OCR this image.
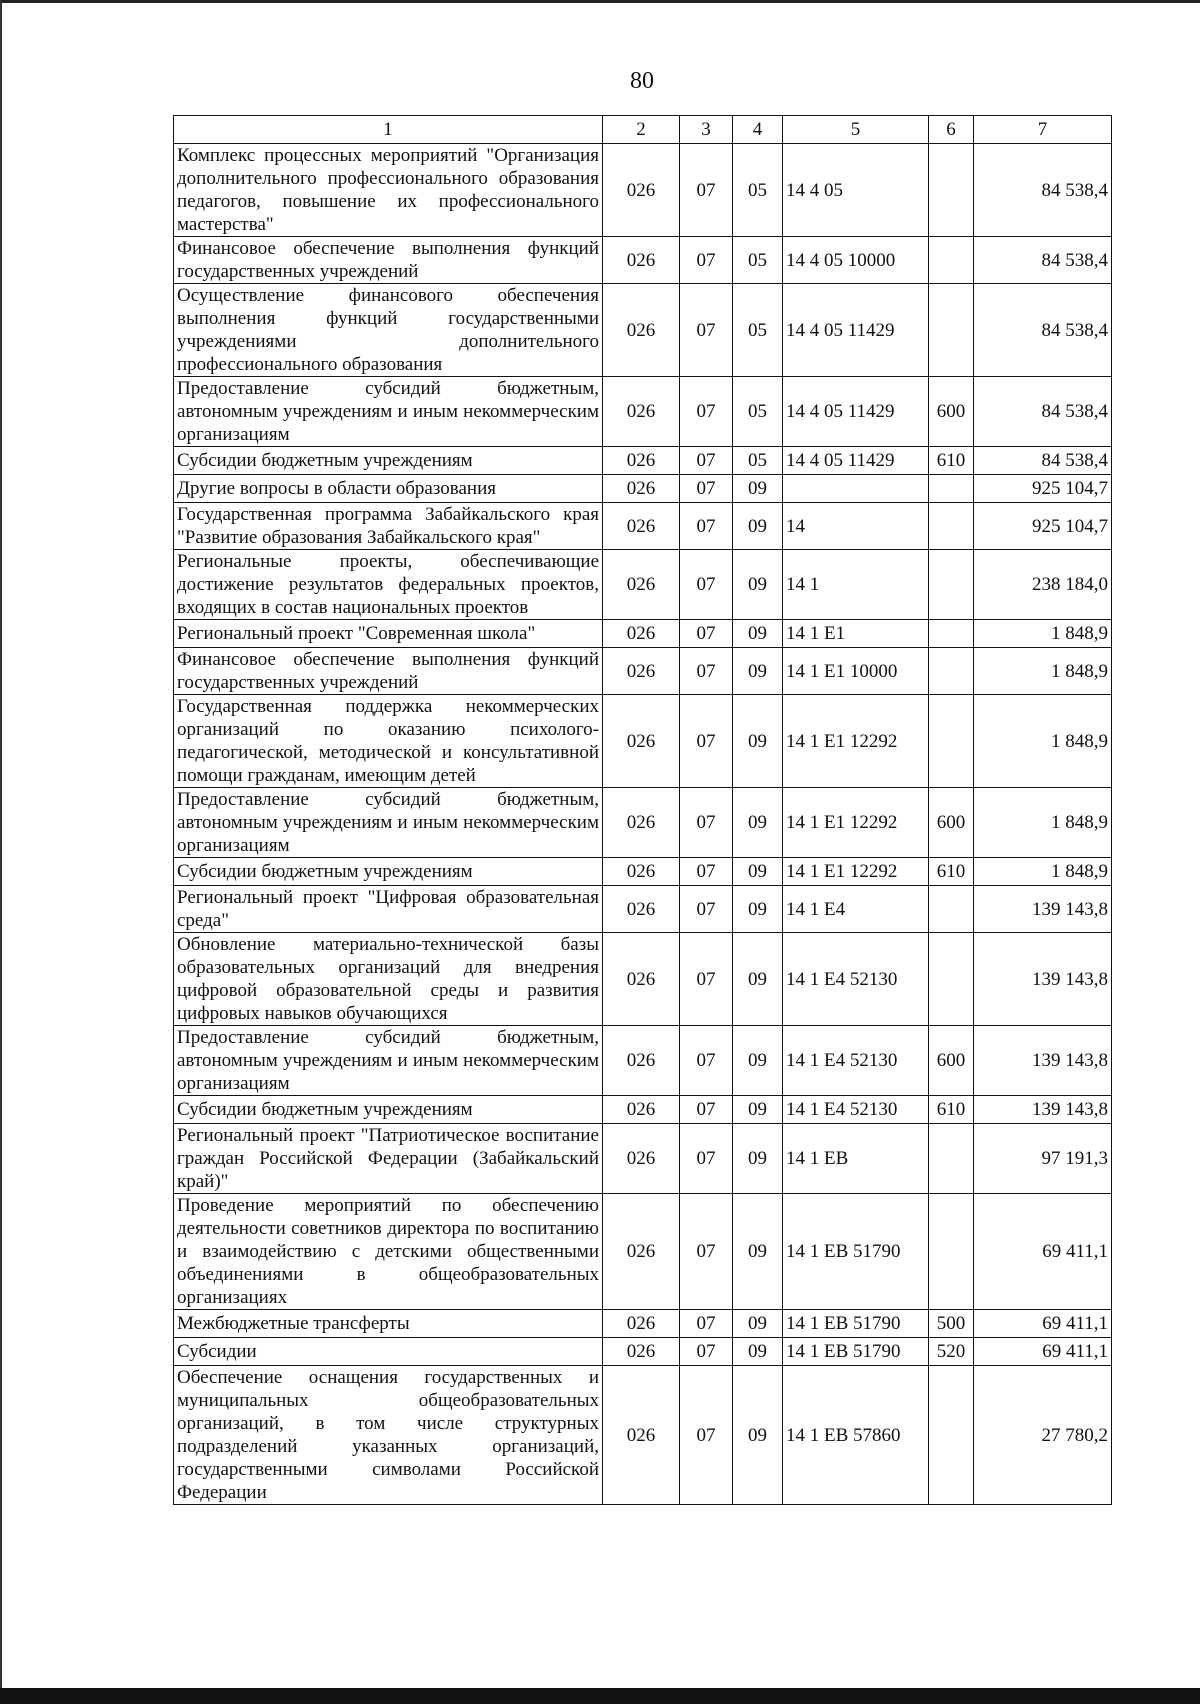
80
1	2	3	4	5	6	7
Комплекс процессных мероприятий "Организация дополнительного профессионального образования педагогов, повышение их профессионального мастерства"	026	07	05	14 4 05		84 538,4
Финансовое обеспечение выполнения функций государственных учреждений	026	07	05	14 4 05 10000		84 538,4
Осуществление финансового обеспечения выполнения функций государственными учреждениями дополнительного профессионального образования	026	07	05	14 4 05 11429		84 538,4
Предоставление субсидий бюджетным, автономным учреждениям и иным некоммерческим организациям	026	07	05	14 4 05 11429	600	84 538,4
Субсидии бюджетным учреждениям	026	07	05	14 4 05 11429	610	84 538,4
Другие вопросы в области образования	026	07	09			925 104,7
Государственная программа Забайкальского края "Развитие образования Забайкальского края"	026	07	09	14		925 104,7
Региональные проекты, обеспечивающие достижение результатов федеральных проектов, входящих в состав национальных проектов	026	07	09	14 1		238 184,0
Региональный проект "Современная школа"	026	07	09	14 1 E1		1 848,9
Финансовое обеспечение выполнения функций государственных учреждений	026	07	09	14 1 E1 10000		1 848,9
Государственная поддержка некоммерческих организаций по оказанию психолого-педагогической, методической и консультативной помощи гражданам, имеющим детей	026	07	09	14 1 E1 12292		1 848,9
Предоставление субсидий бюджетным, автономным учреждениям и иным некоммерческим организациям	026	07	09	14 1 E1 12292	600	1 848,9
Субсидии бюджетным учреждениям	026	07	09	14 1 E1 12292	610	1 848,9
Региональный проект "Цифровая образовательная среда"	026	07	09	14 1 E4		139 143,8
Обновление материально-технической базы образовательных организаций для внедрения цифровой образовательной среды и развития цифровых навыков обучающихся	026	07	09	14 1 E4 52130		139 143,8
Предоставление субсидий бюджетным, автономным учреждениям и иным некоммерческим организациям	026	07	09	14 1 E4 52130	600	139 143,8
Субсидии бюджетным учреждениям	026	07	09	14 1 E4 52130	610	139 143,8
Региональный проект "Патриотическое воспитание граждан Российской Федерации (Забайкальский край)"	026	07	09	14 1 EB		97 191,3
Проведение мероприятий по обеспечению деятельности советников директора по воспитанию и взаимодействию с детскими общественными объединениями в общеобразовательных организациях	026	07	09	14 1 EB 51790		69 411,1
Межбюджетные трансферты	026	07	09	14 1 EB 51790	500	69 411,1
Субсидии	026	07	09	14 1 EB 51790	520	69 411,1
Обеспечение оснащения государственных и муниципальных общеобразовательных организаций, в том числе структурных подразделений указанных организаций, государственными символами Российской Федерации	026	07	09	14 1 EB 57860		27 780,2
